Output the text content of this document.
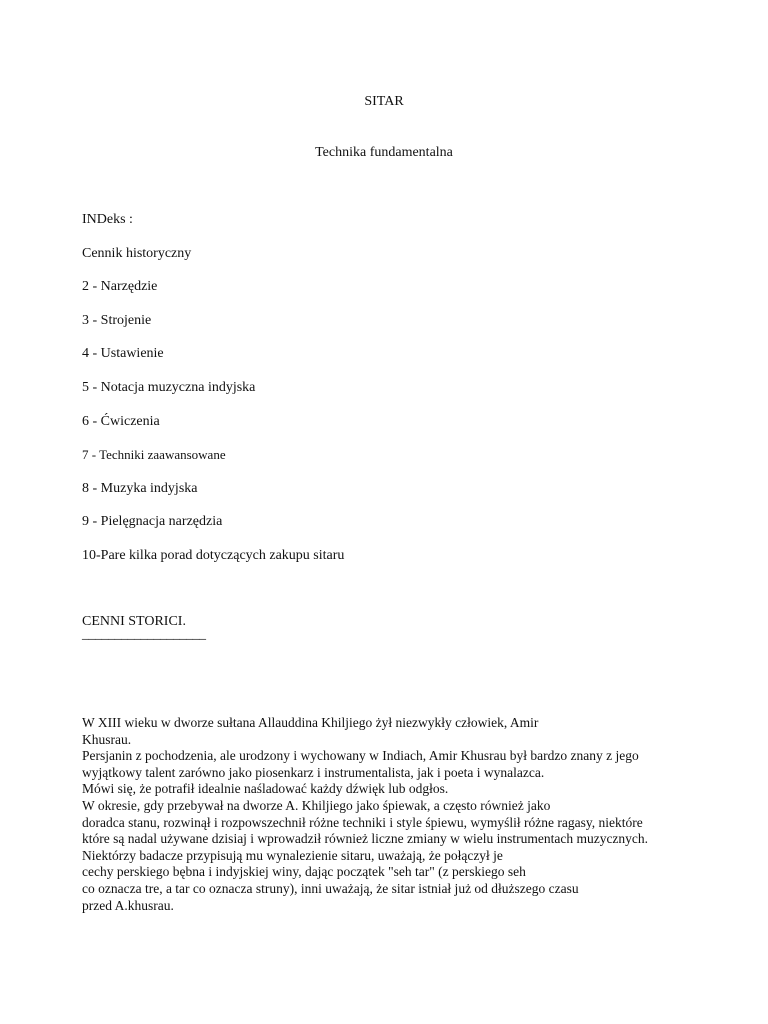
SITAR
Technika fundamentalna
INDeks :
Cennik historyczny
2 - Narzędzie
3 - Strojenie
4 - Ustawienie
5 - Notacja muzyczna indyjska
6 - Ćwiczenia
7 - Techniki zaawansowane
8 - Muzyka indyjska
9 - Pielęgnacja narzędzia
10-Pare kilka porad dotyczących zakupu sitaru
CENNI STORICI.
___________________
W XIII wieku w dworze sułtana Allauddina Khiljiego żył niezwykły człowiek, Amir
Khusrau.
Persjanin z pochodzenia, ale urodzony i wychowany w Indiach, Amir Khusrau był bardzo znany z jego
wyjątkowy talent zarówno jako piosenkarz i instrumentalista, jak i poeta i wynalazca.
Mówi się, że potrafił idealnie naśladować każdy dźwięk lub odgłos.
W okresie, gdy przebywał na dworze A. Khiljiego jako śpiewak, a często również jako
doradca stanu, rozwinął i rozpowszechnił różne techniki i style śpiewu, wymyślił różne ragasy, niektóre
które są nadal używane dzisiaj i wprowadził również liczne zmiany w wielu instrumentach muzycznych.
Niektórzy badacze przypisują mu wynalezienie sitaru, uważają, że połączył je
cechy perskiego bębna i indyjskiej winy, dając początek "seh tar" (z perskiego seh
co oznacza tre, a tar co oznacza struny), inni uważają, że sitar istniał już od dłuższego czasu
przed A.khusrau.
